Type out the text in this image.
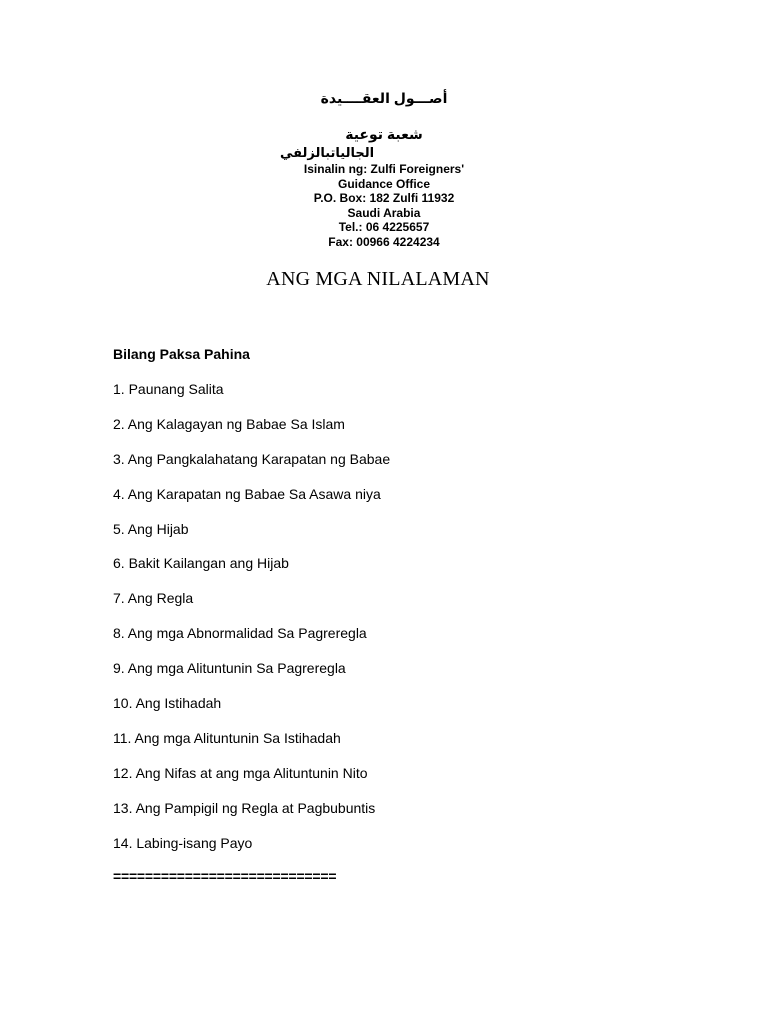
أصـــول العقــــيدة
شعبة توعية
الجالياتبالزلفي
Isinalin ng: Zulfi Foreigners'
Guidance Office
P.O. Box: 182 Zulfi 11932
Saudi Arabia
Tel.: 06 4225657
Fax: 00966 4224234
ANG MGA NILALAMAN
Bilang Paksa Pahina
1. Paunang Salita
2. Ang Kalagayan ng Babae Sa Islam
3. Ang Pangkalahatang Karapatan ng Babae
4. Ang Karapatan ng Babae Sa Asawa niya
5. Ang Hijab
6. Bakit Kailangan ang Hijab
7. Ang Regla
8. Ang mga Abnormalidad Sa Pagreregla
9. Ang mga Alituntunin Sa Pagreregla
10. Ang Istihadah
11. Ang mga Alituntunin Sa Istihadah
12. Ang Nifas at ang mga Alituntunin Nito
13. Ang Pampigil ng Regla at Pagbubuntis
14. Labing-isang Payo
============================
